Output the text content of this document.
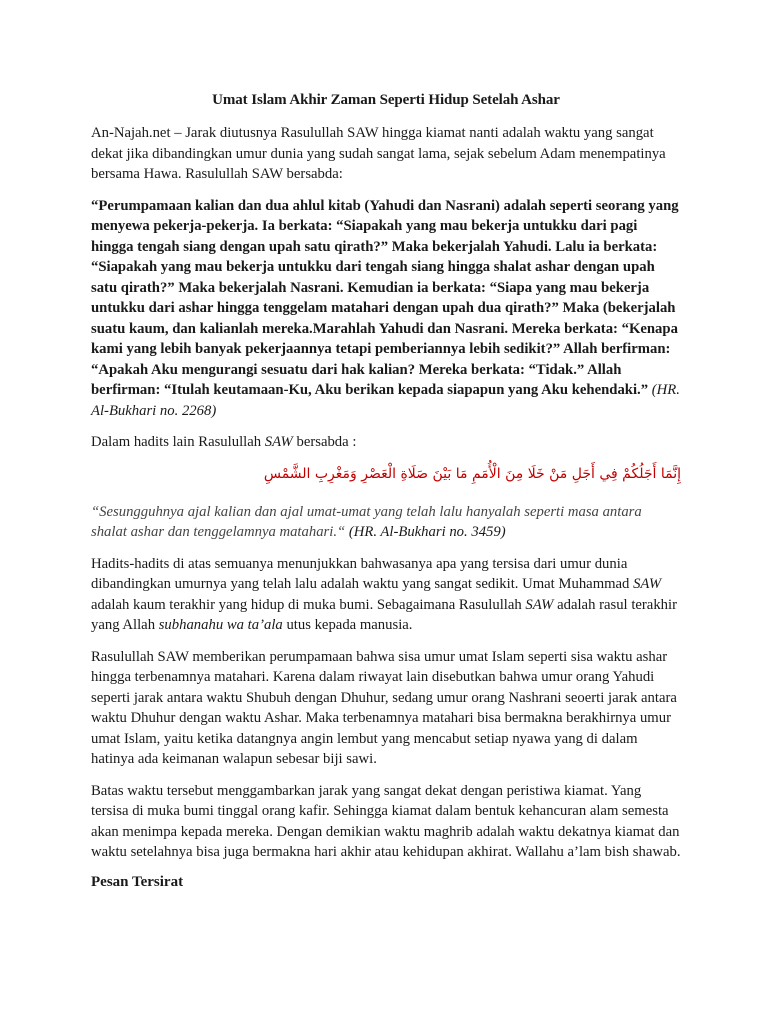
Umat Islam Akhir Zaman Seperti Hidup Setelah Ashar

An-Najah.net – Jarak diutusnya Rasulullah SAW hingga kiamat nanti adalah waktu yang sangat dekat jika dibandingkan umur dunia yang sudah sangat lama, sejak sebelum Adam menempatinya bersama Hawa. Rasulullah SAW bersabda:

“Perumpamaan kalian dan dua ahlul kitab (Yahudi dan Nasrani) adalah seperti seorang yang menyewa pekerja-pekerja. Ia berkata: “Siapakah yang mau bekerja untukku dari pagi hingga tengah siang dengan upah satu qirath?” Maka bekerjalah Yahudi. Lalu ia berkata: “Siapakah yang mau bekerja untukku dari tengah siang hingga shalat ashar dengan upah satu qirath?” Maka bekerjalah Nasrani. Kemudian ia berkata: “Siapa yang mau bekerja untukku dari ashar hingga tenggelam matahari dengan upah dua qirath?” Maka (bekerjalah suatu kaum, dan kalianlah mereka.Marahlah Yahudi dan Nasrani. Mereka berkata: “Kenapa kami yang lebih banyak pekerjaannya tetapi pemberiannya lebih sedikit?” Allah berfirman: “Apakah Aku mengurangi sesuatu dari hak kalian? Mereka berkata: “Tidak.” Allah berfirman: “Itulah keutamaan-Ku, Aku berikan kepada siapapun yang Aku kehendaki.” (HR. Al-Bukhari no. 2268)

Dalam hadits lain Rasulullah SAW bersabda :

إِنَّمَا أَجَلُكُمْ فِي أَجَلِ مَنْ خَلَا مِنَ الْأُمَمِ مَا بَيْنَ صَلَاةِ الْعَصْرِ وَمَغْرِبِ الشَّمْسِ

“Sesungguhnya ajal kalian dan ajal umat-umat yang telah lalu hanyalah seperti masa antara shalat ashar dan tenggelamnya matahari.“ (HR. Al-Bukhari no. 3459)

Hadits-hadits di atas semuanya menunjukkan bahwasanya apa yang tersisa dari umur dunia dibandingkan umurnya yang telah lalu adalah waktu yang sangat sedikit. Umat Muhammad SAW adalah kaum terakhir yang hidup di muka bumi. Sebagaimana Rasulullah SAW adalah rasul terakhir yang Allah subhanahu wa ta’ala utus kepada manusia.

Rasulullah SAW memberikan perumpamaan bahwa sisa umur umat Islam seperti sisa waktu ashar hingga terbenamnya matahari. Karena dalam riwayat lain disebutkan bahwa umur orang Yahudi seperti jarak antara waktu Shubuh dengan Dhuhur, sedang umur orang Nashrani seoerti jarak antara waktu Dhuhur dengan waktu Ashar. Maka terbenamnya matahari bisa bermakna berakhirnya umur umat Islam, yaitu ketika datangnya angin lembut yang mencabut setiap nyawa yang di dalam hatinya ada keimanan walapun sebesar biji sawi.

Batas waktu tersebut menggambarkan jarak yang sangat dekat dengan peristiwa kiamat. Yang tersisa di muka bumi tinggal orang kafir. Sehingga kiamat dalam bentuk kehancuran alam semesta akan menimpa kepada mereka. Dengan demikian waktu maghrib adalah waktu dekatnya kiamat dan waktu setelahnya bisa juga bermakna hari akhir atau kehidupan akhirat. Wallahu a’lam bish shawab.

Pesan Tersirat
